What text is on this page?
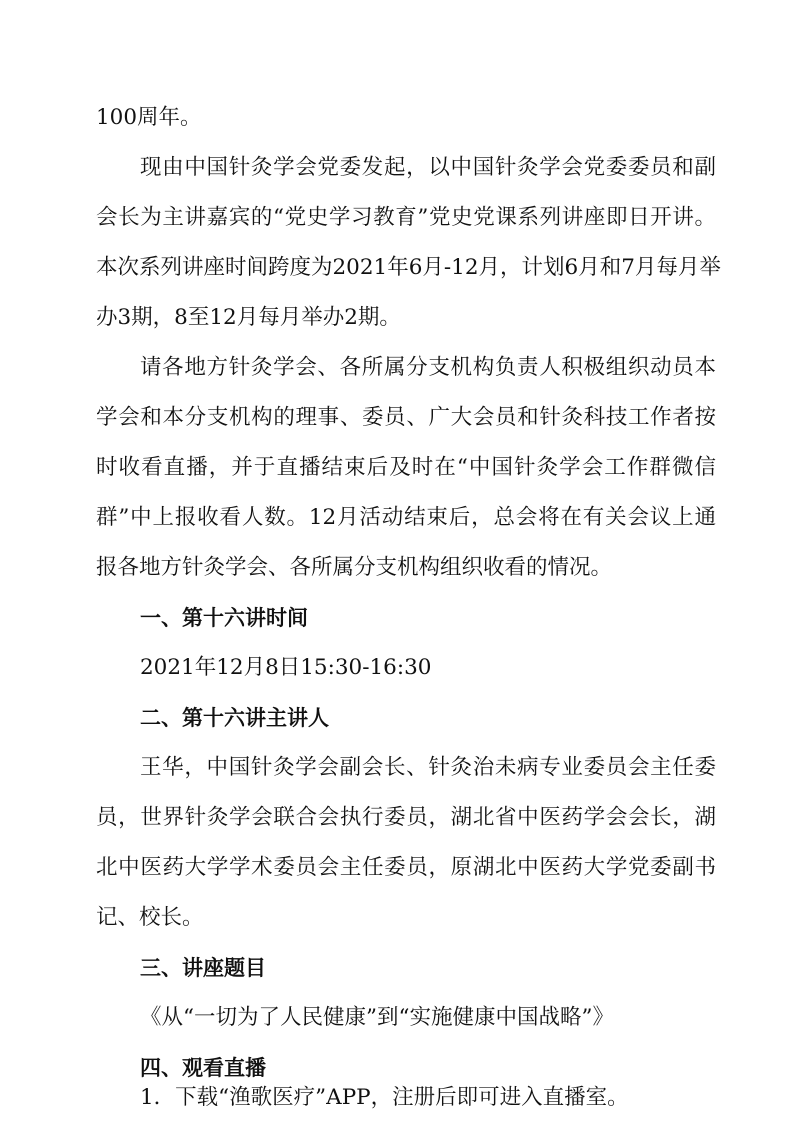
100周年。
现由中国针灸学会党委发起，以中国针灸学会党委委员和副
会长为主讲嘉宾的“党史学习教育”党史党课系列讲座即日开讲。
本次系列讲座时间跨度为2021年6月-12月，计划6月和7月每月举
办3期，8至12月每月举办2期。
请各地方针灸学会、各所属分支机构负责人积极组织动员本
学会和本分支机构的理事、委员、广大会员和针灸科技工作者按
时收看直播，并于直播结束后及时在“中国针灸学会工作群微信
群”中上报收看人数。12月活动结束后，总会将在有关会议上通
报各地方针灸学会、各所属分支机构组织收看的情况。
一、第十六讲时间
2021年12月8日15:30-16:30
二、第十六讲主讲人
王华，中国针灸学会副会长、针灸治未病专业委员会主任委
员，世界针灸学会联合会执行委员，湖北省中医药学会会长，湖
北中医药大学学术委员会主任委员，原湖北中医药大学党委副书
记、校长。
三、讲座题目
《从“一切为了人民健康”到“实施健康中国战略”》
四、观看直播
1．下载“渔歌医疗”APP，注册后即可进入直播室。
